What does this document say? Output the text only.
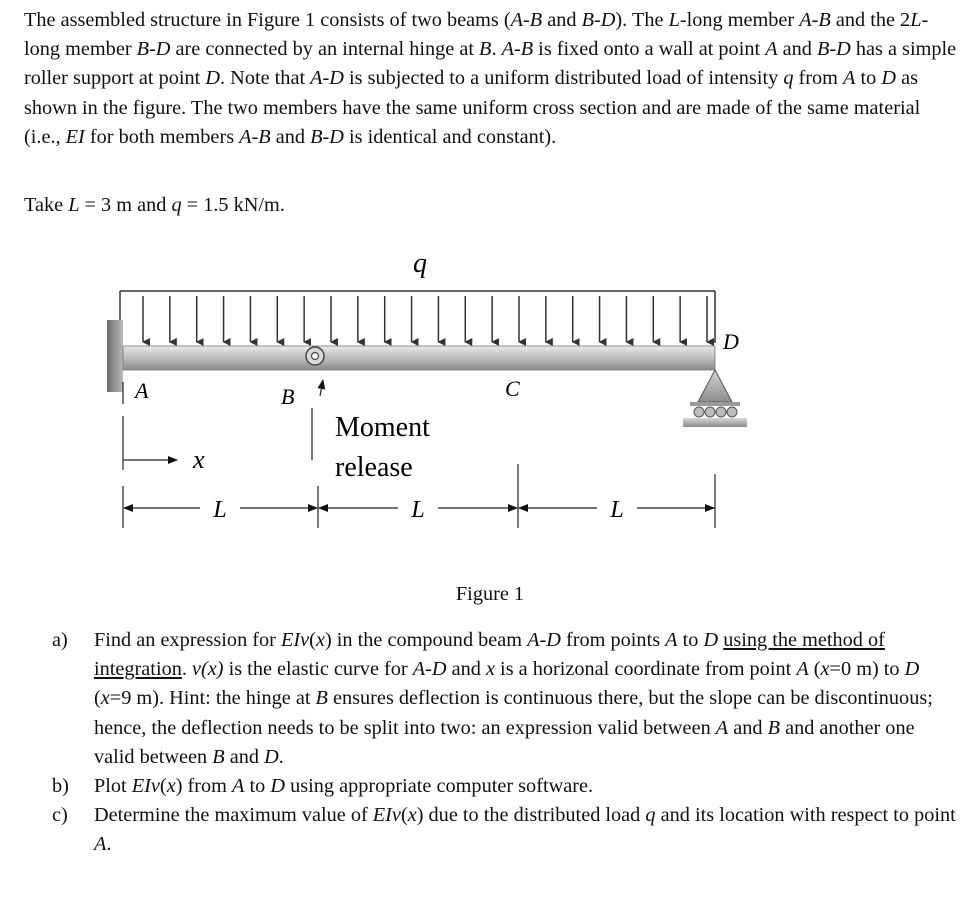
The assembled structure in Figure 1 consists of two beams (A-B and B-D). The L-long member A-B and the 2L-long member B-D are connected by an internal hinge at B. A-B is fixed onto a wall at point A and B-D has a simple roller support at point D. Note that A-D is subjected to a uniform distributed load of intensity q from A to D as shown in the figure. The two members have the same uniform cross section and are made of the same material (i.e., EI for both members A-B and B-D is identical and constant).

Take L = 3 m and q = 1.5 kN/m.

q
A	B	C
D
Moment
release
x
L	L	L
Figure 1
a) Find an expression for EIv(x) in the compound beam A-D from points A to D using the method of integration. v(x) is the elastic curve for A-D and x is a horizonal coordinate from point A (x=0 m) to D (x=9 m). Hint: the hinge at B ensures deflection is continuous there, but the slope can be discontinuous; hence, the deflection needs to be split into two: an expression valid between A and B and another one valid between B and D.
b) Plot EIv(x) from A to D using appropriate computer software.
c) Determine the maximum value of EIv(x) due to the distributed load q and its location with respect to point A.
